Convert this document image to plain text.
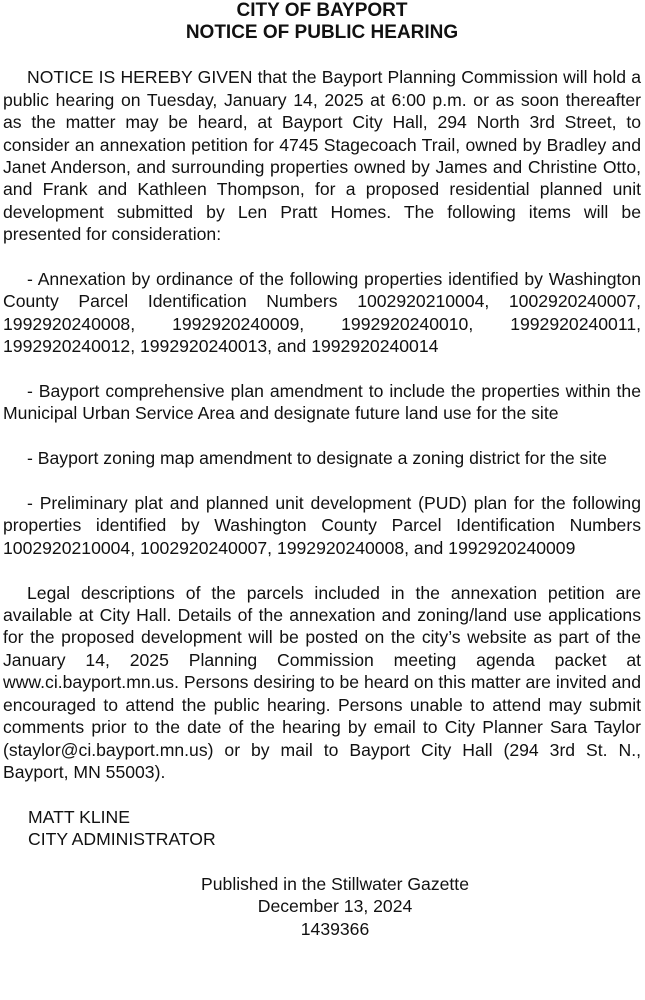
CITY OF BAYPORT

NOTICE OF PUBLIC HEARING

NOTICE IS HEREBY GIVEN that the Bayport Planning Commission will hold a public hearing on Tuesday, January 14, 2025 at 6:00 p.m. or as soon thereafter as the matter may be heard, at Bayport City Hall, 294 North 3rd Street, to consider an annexation petition for 4745 Stagecoach Trail, owned by Bradley and Janet Anderson, and surrounding properties owned by James and Christine Otto, and Frank and Kathleen Thompson, for a proposed residential planned unit development submitted by Len Pratt Homes. The following items will be presented for consideration:

- Annexation by ordinance of the following properties identified by Washington County Parcel Identification Numbers 1002920210004, 1002920240007, 1992920240008, 1992920240009, 1992920240010, 1992920240011, 1992920240012, 1992920240013, and 1992920240014

- Bayport comprehensive plan amendment to include the properties within the Municipal Urban Service Area and designate future land use for the site

- Bayport zoning map amendment to designate a zoning district for the site

- Preliminary plat and planned unit development (PUD) plan for the following properties identified by Washington County Parcel Identification Numbers 1002920210004, 1002920240007, 1992920240008, and 1992920240009

Legal descriptions of the parcels included in the annexation petition are available at City Hall. Details of the annexation and zoning/land use applications for the proposed development will be posted on the city’s website as part of the January 14, 2025 Planning Commission meeting agenda packet at www.ci.bayport.mn.us. Persons desiring to be heard on this matter are invited and encouraged to attend the public hearing. Persons unable to attend may submit comments prior to the date of the hearing by email to City Planner Sara Taylor (staylor@ci.bayport.mn.us) or by mail to Bayport City Hall (294 3rd St. N., Bayport, MN 55003).

MATT KLINE

CITY ADMINISTRATOR

Published in the Stillwater Gazette

December 13, 2024

1439366
